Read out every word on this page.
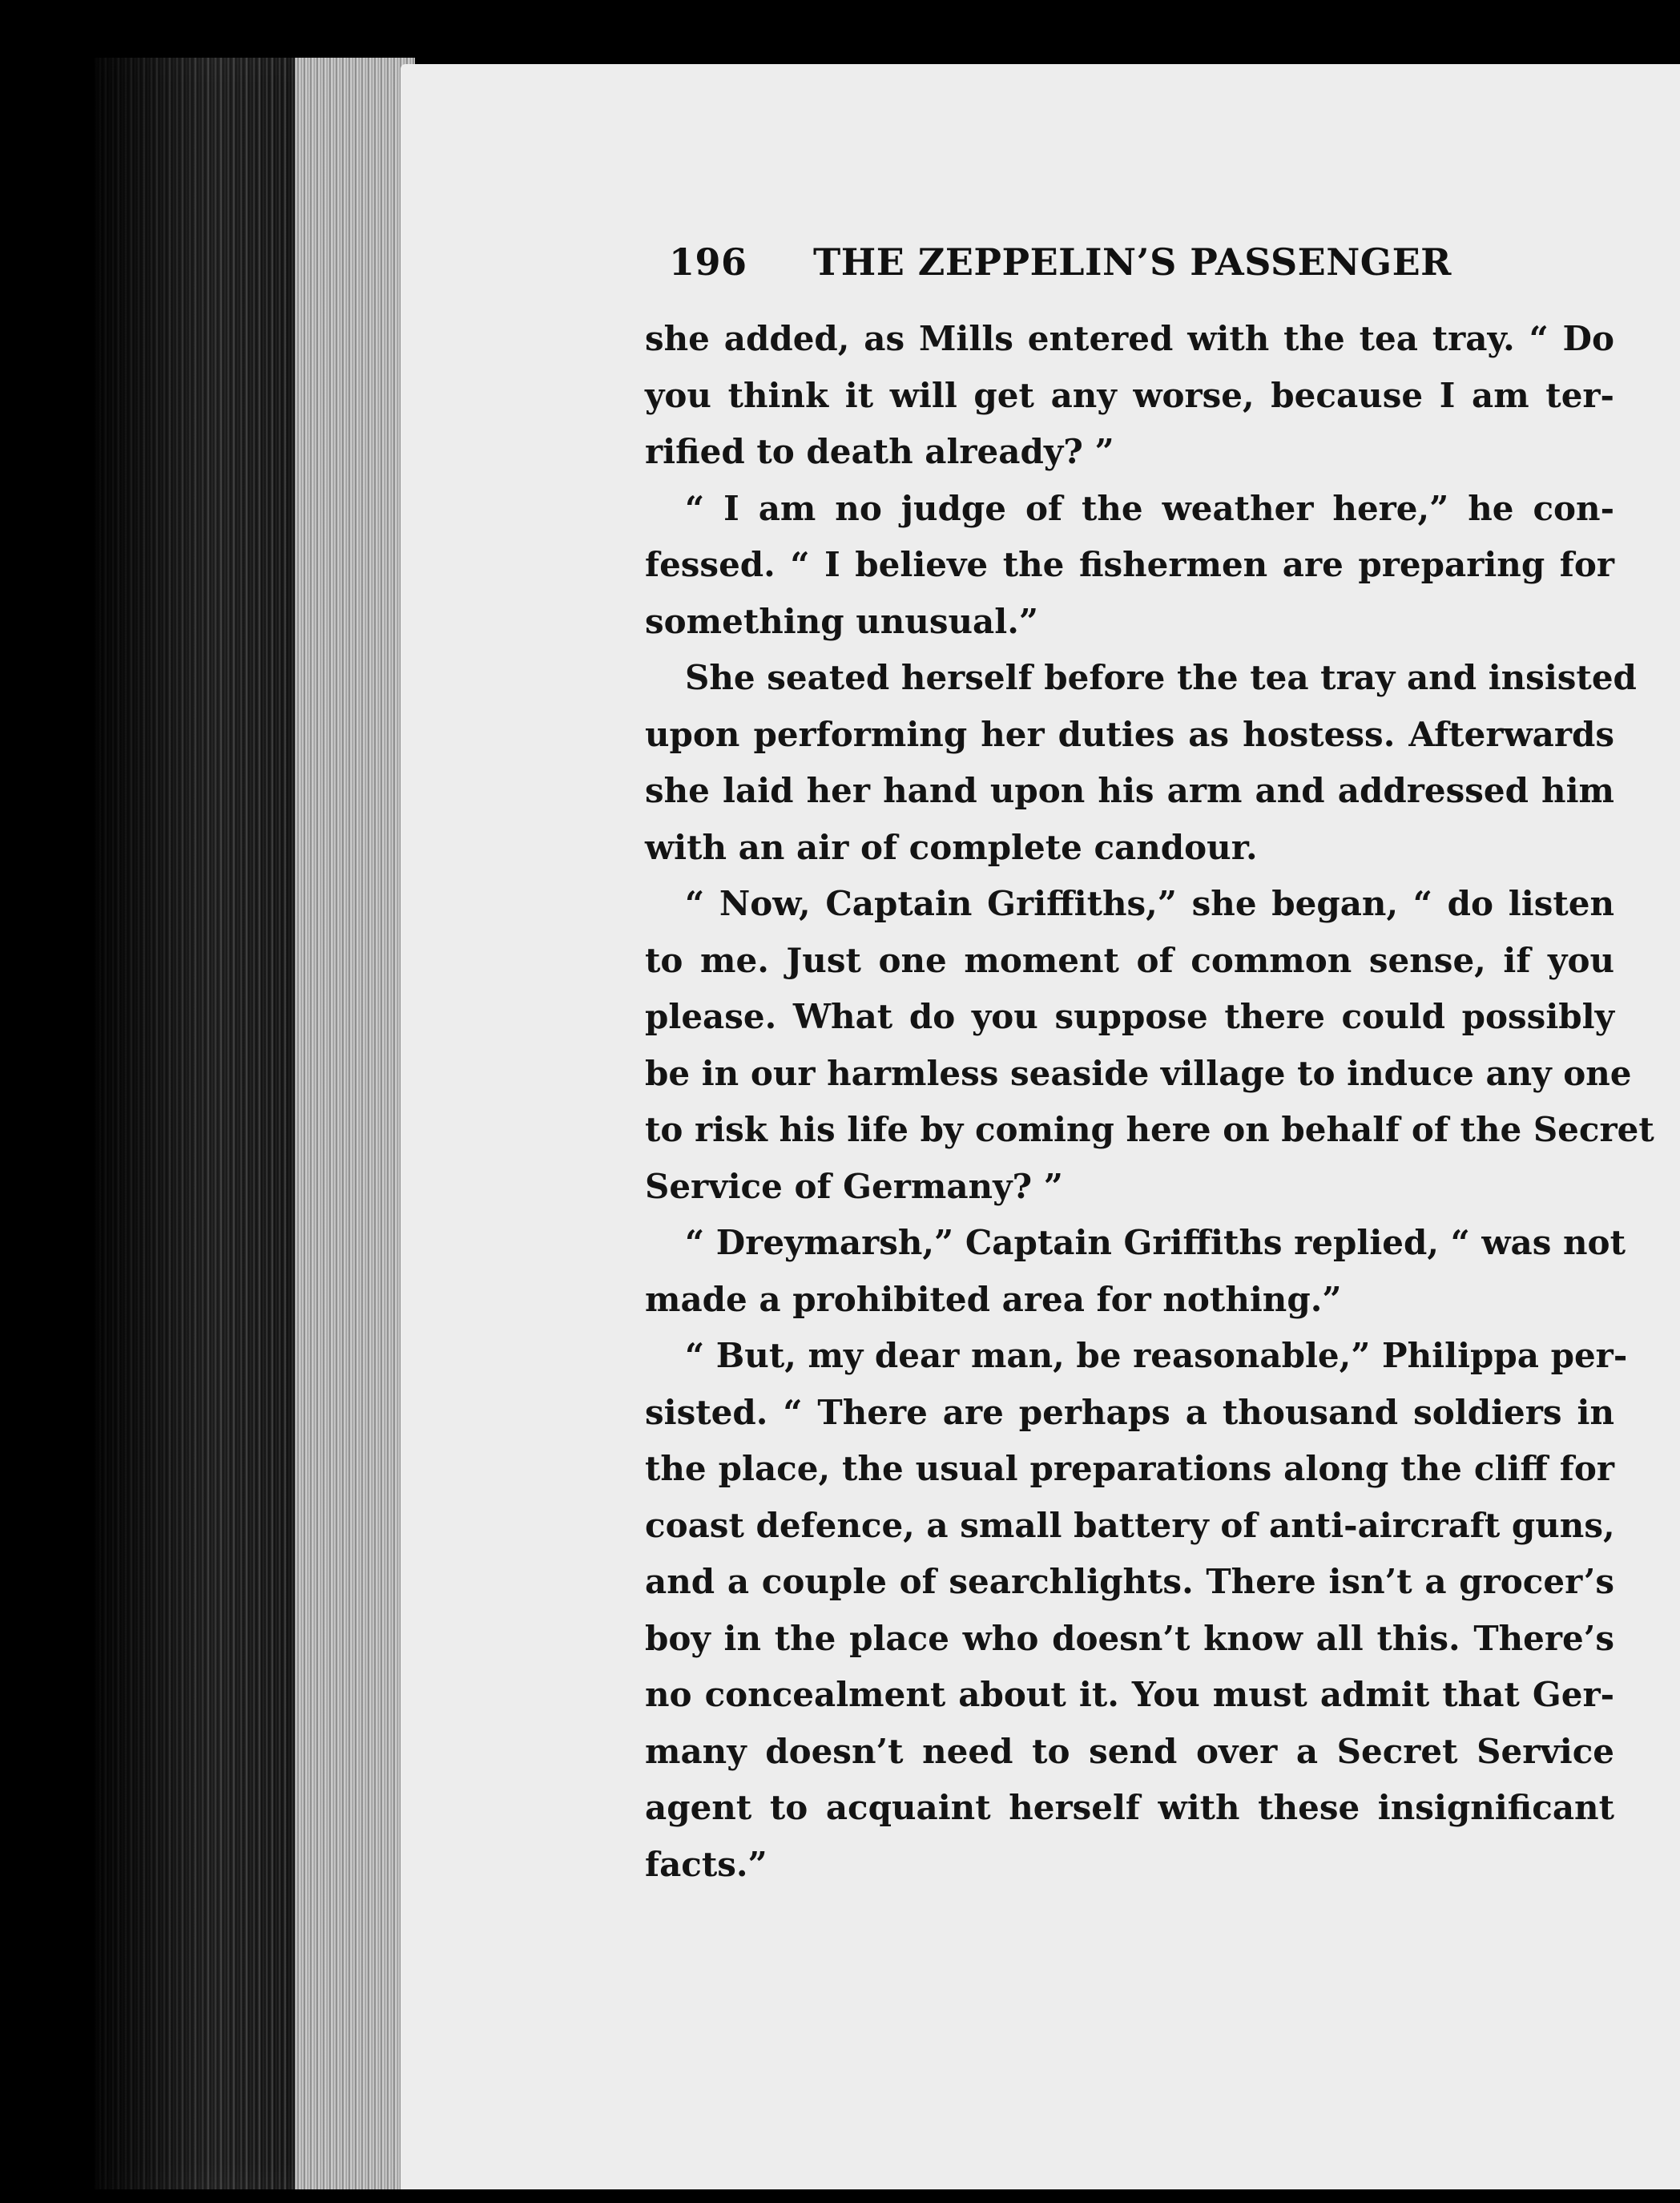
196 THE ZEPPELIN’S PASSENGER
she added, as Mills entered with the tea tray. “ Do
you think it will get any worse, because I am ter-
rified to death already? ”
“ I am no judge of the weather here,” he con-
fessed. “ I believe the fishermen are preparing for
something unusual.”
She seated herself before the tea tray and insisted
upon performing her duties as hostess. Afterwards
she laid her hand upon his arm and addressed him
with an air of complete candour.
“ Now, Captain Griffiths,” she began, “ do listen
to me. Just one moment of common sense, if you
please. What do you suppose there could possibly
be in our harmless seaside village to induce any one
to risk his life by coming here on behalf of the Secret
Service of Germany? ”
“ Dreymarsh,” Captain Griffiths replied, “ was not
made a prohibited area for nothing.”
“ But, my dear man, be reasonable,” Philippa per-
sisted. “ There are perhaps a thousand soldiers in
the place, the usual preparations along the cliff for
coast defence, a small battery of anti-aircraft guns,
and a couple of searchlights. There isn’t a grocer’s
boy in the place who doesn’t know all this. There’s
no concealment about it. You must admit that Ger-
many doesn’t need to send over a Secret Service
agent to acquaint herself with these insignificant
facts.”
